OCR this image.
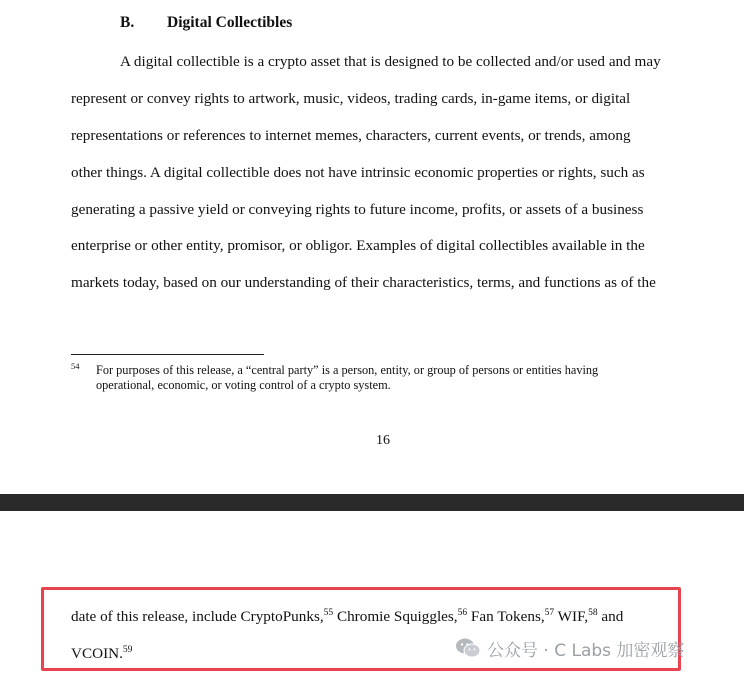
B. Digital Collectibles
A digital collectible is a crypto asset that is designed to be collected and/or used and may
represent or convey rights to artwork, music, videos, trading cards, in-game items, or digital
representations or references to internet memes, characters, current events, or trends, among
other things. A digital collectible does not have intrinsic economic properties or rights, such as
generating a passive yield or conveying rights to future income, profits, or assets of a business
enterprise or other entity, promisor, or obligor. Examples of digital collectibles available in the
markets today, based on our understanding of their characteristics, terms, and functions as of the
54 For purposes of this release, a “central party” is a person, entity, or group of persons or entities having
operational, economic, or voting control of a crypto system.
16
date of this release, include CryptoPunks,$^{55}$ Chromie Squiggles,$^{56}$ Fan Tokens,$^{57}$ WIF,$^{58}$ and
VCOIN.$^{59}$	公众号 · C Labs 加密观察
